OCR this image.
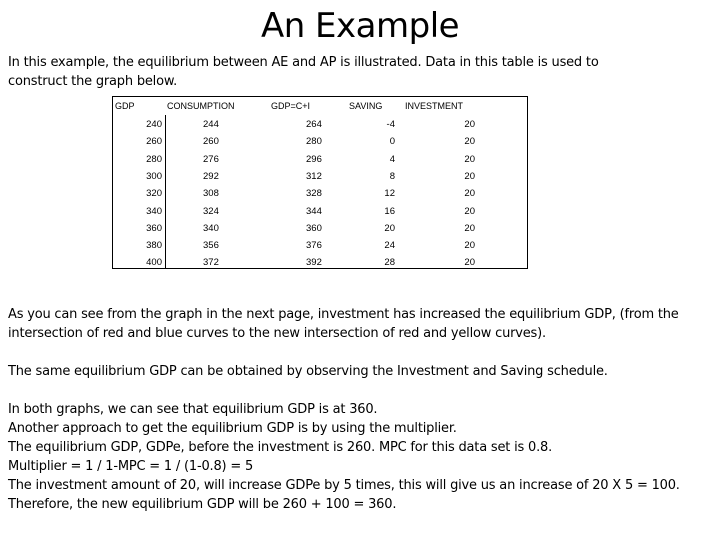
An Example
In this example, the equilibrium between AE and AP is illustrated. Data in this table is used to
construct the graph below.
GDP	CONSUMPTION	GDP=C+I	SAVING	INVESTMENT
240	244	264	-4	20
260	260	280	0	20
280	276	296	4	20
300	292	312	8	20
320	308	328	12	20
340	324	344	16	20
360	340	360	20	20
380	356	376	24	20
400	372	392	28	20
As you can see from the graph in the next page, investment has increased the equilibrium GDP, (from the
intersection of red and blue curves to the new intersection of red and yellow curves).
The same equilibrium GDP can be obtained by observing the Investment and Saving schedule.
In both graphs, we can see that equilibrium GDP is at 360.
Another approach to get the equilibrium GDP is by using the multiplier.
The equilibrium GDP, GDPe, before the investment is 260. MPC for this data set is 0.8.
Multiplier = 1 / 1-MPC = 1 / (1-0.8) = 5
The investment amount of 20, will increase GDPe by 5 times, this will give us an increase of 20 X 5 = 100.
Therefore, the new equilibrium GDP will be 260 + 100 = 360.
